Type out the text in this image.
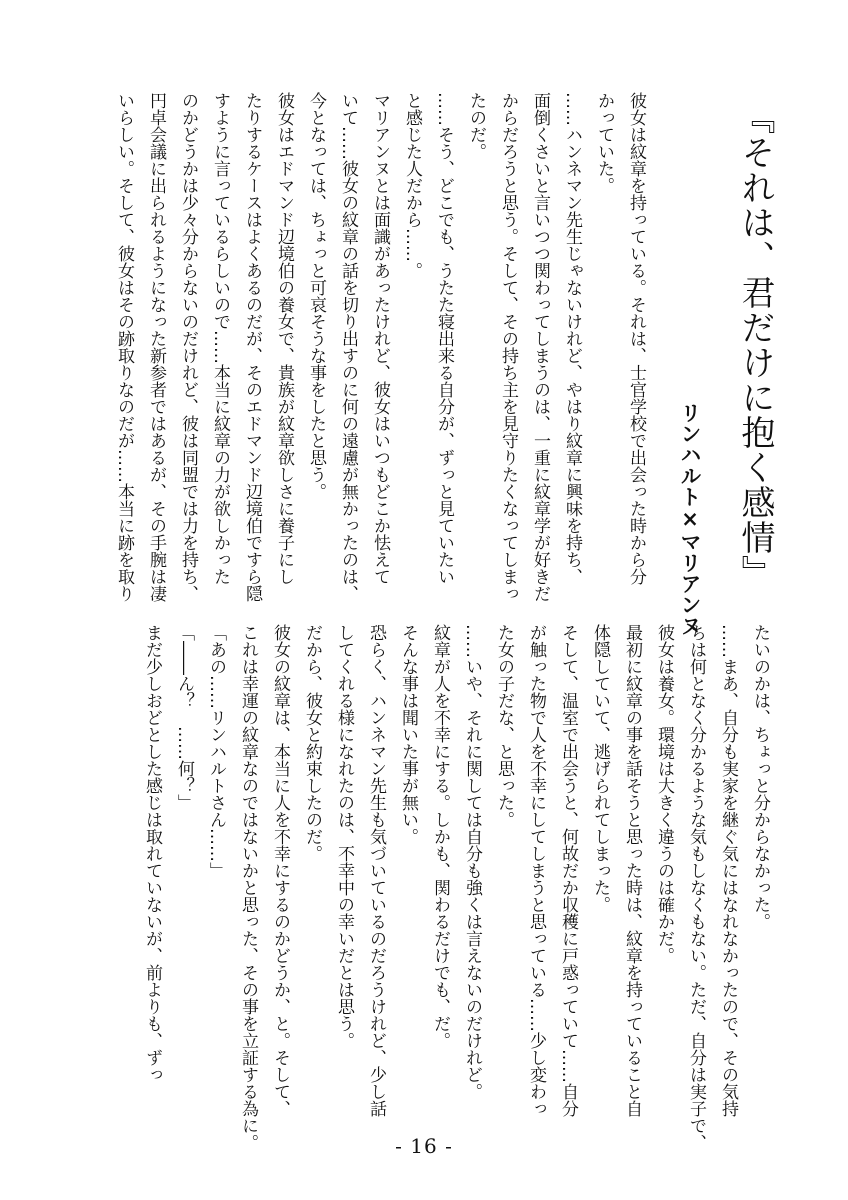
『それは、君だけに抱く感情』
リンハルト×マリアンヌ

彼女は紋章を持っている。それは、士官学校で出会った時から分

かっていた。

……ハンネマン先生じゃないけれど、やはり紋章に興味を持ち、

面倒くさいと言いつつ関わってしまうのは、一重に紋章学が好きだ

からだろうと思う。そして、その持ち主を見守りたくなってしまっ

たのだ。

……そう、どこでも、うたた寝出来る自分が、ずっと見ていたい

と感じた人だから……。

マリアンヌとは面識があったけれど、彼女はいつもどこか怯えて

いて……彼女の紋章の話を切り出すのに何の遠慮が無かったのは、

今となっては、ちょっと可哀そうな事をしたと思う。

彼女はエドマンド辺境伯の養女で、貴族が紋章欲しさに養子にし

たりするケースはよくあるのだが、そのエドマンド辺境伯ですら隠

すように言っているらしいので……本当に紋章の力が欲しかった

のかどうかは少々分からないのだけれど、彼は同盟では力を持ち、

円卓会議に出られるようになった新参者ではあるが、その手腕は凄

いらしい。そして、彼女はその跡取りなのだが……本当に跡を取り

たいのかは、ちょっと分からなかった。

……まあ、自分も実家を継ぐ気にはなれなかったので、その気持

ちは何となく分かるような気もしなくもない。ただ、自分は実子で、

彼女は養女。環境は大きく違うのは確かだ。

最初に紋章の事を話そうと思った時は、紋章を持っていること自

体隠していて、逃げられてしまった。

そして、温室で出会うと、何故だか収穫に戸惑っていて……自分

が触った物で人を不幸にしてしまうと思っている……少し変わっ

た女の子だな、と思った。

……いや、それに関しては自分も強くは言えないのだけれど。

紋章が人を不幸にする。しかも、関わるだけでも、だ。

そんな事は聞いた事が無い。

恐らく、ハンネマン先生も気づいているのだろうけれど、少し話

してくれる様になれたのは、不幸中の幸いだとは思う。

だから、彼女と約束したのだ。

彼女の紋章は、本当に人を不幸にするのかどうか、と。そして、

これは幸運の紋章なのではないかと思った、その事を立証する為に。

「あの……リンハルトさん……」

「――ん？　……何？」

まだ少しおどとした感じは取れていないが、前よりも、ずっ

- 16 -
